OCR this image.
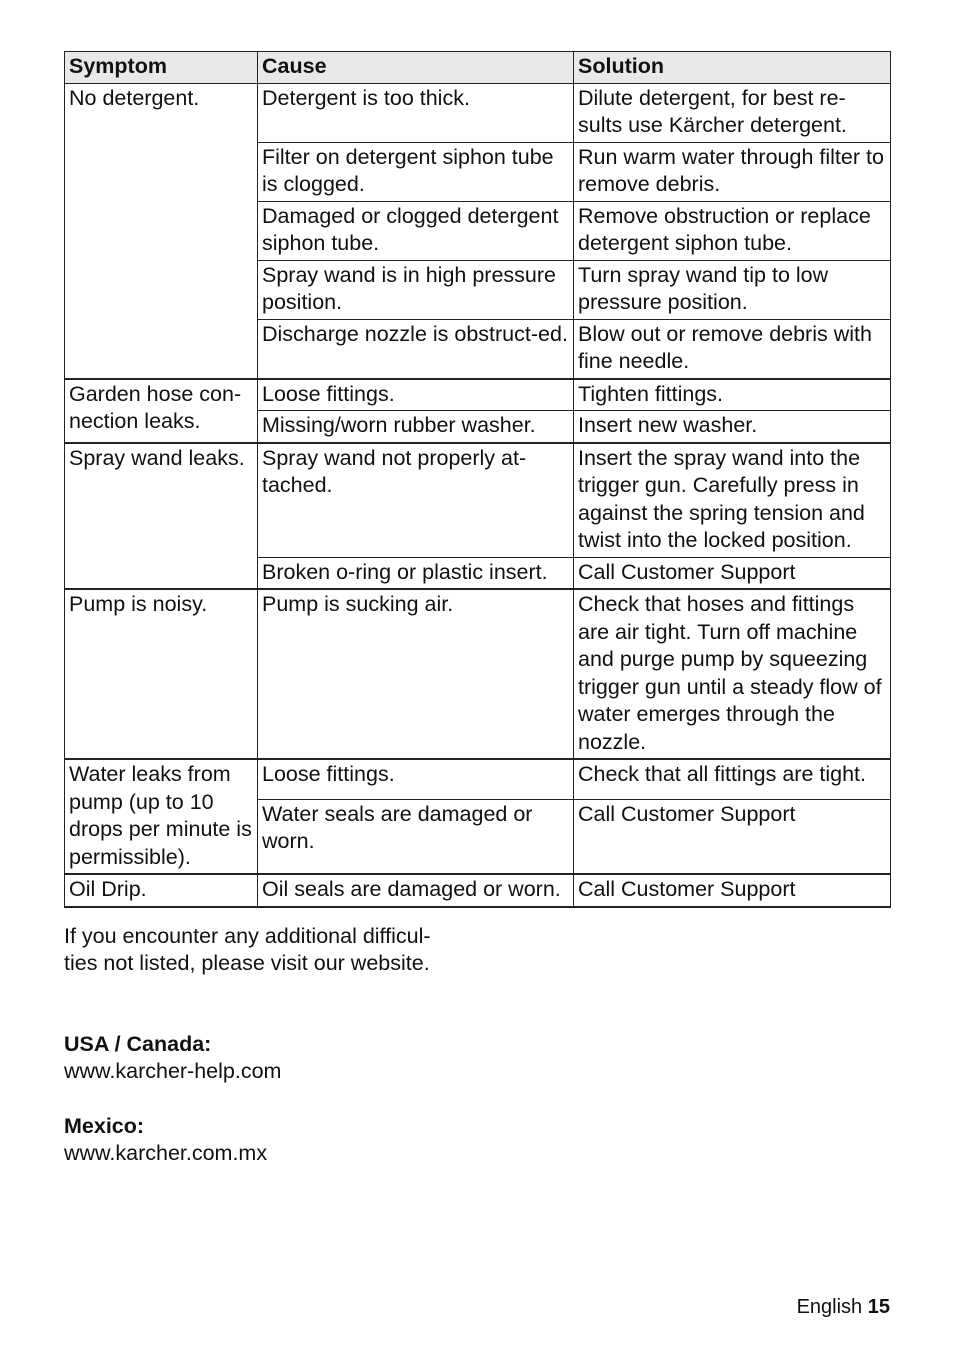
Symptom	Cause	Solution
No detergent.	Detergent is too thick.	Dilute detergent, for best re-sults use Kärcher detergent.
	Filter on detergent siphon tube is clogged.	Run warm water through filter to remove debris.
	Damaged or clogged detergent siphon tube.	Remove obstruction or replace detergent siphon tube.
	Spray wand is in high pressure position.	Turn spray wand tip to low pressure position.
	Discharge nozzle is obstruct-ed.	Blow out or remove debris with fine needle.
Garden hose con-nection leaks.	Loose fittings.	Tighten fittings.
	Missing/worn rubber washer.	Insert new washer.
Spray wand leaks.	Spray wand not properly at-tached.	Insert the spray wand into the trigger gun. Carefully press in against the spring tension and twist into the locked position.
	Broken o-ring or plastic insert.	Call Customer Support
Pump is noisy.	Pump is sucking air.	Check that hoses and fittings are air tight. Turn off machine and purge pump by squeezing trigger gun until a steady flow of water emerges through the nozzle.
Water leaks from pump (up to 10 drops per minute is permissible).	Loose fittings.	Check that all fittings are tight.
	Water seals are damaged or worn.	Call Customer Support
Oil Drip.	Oil seals are damaged or worn.	Call Customer Support

If you encounter any additional difficul-

ties not listed, please visit our website.

USA / Canada:

www.karcher-help.com

Mexico:

www.karcher.com.mx

English 15
